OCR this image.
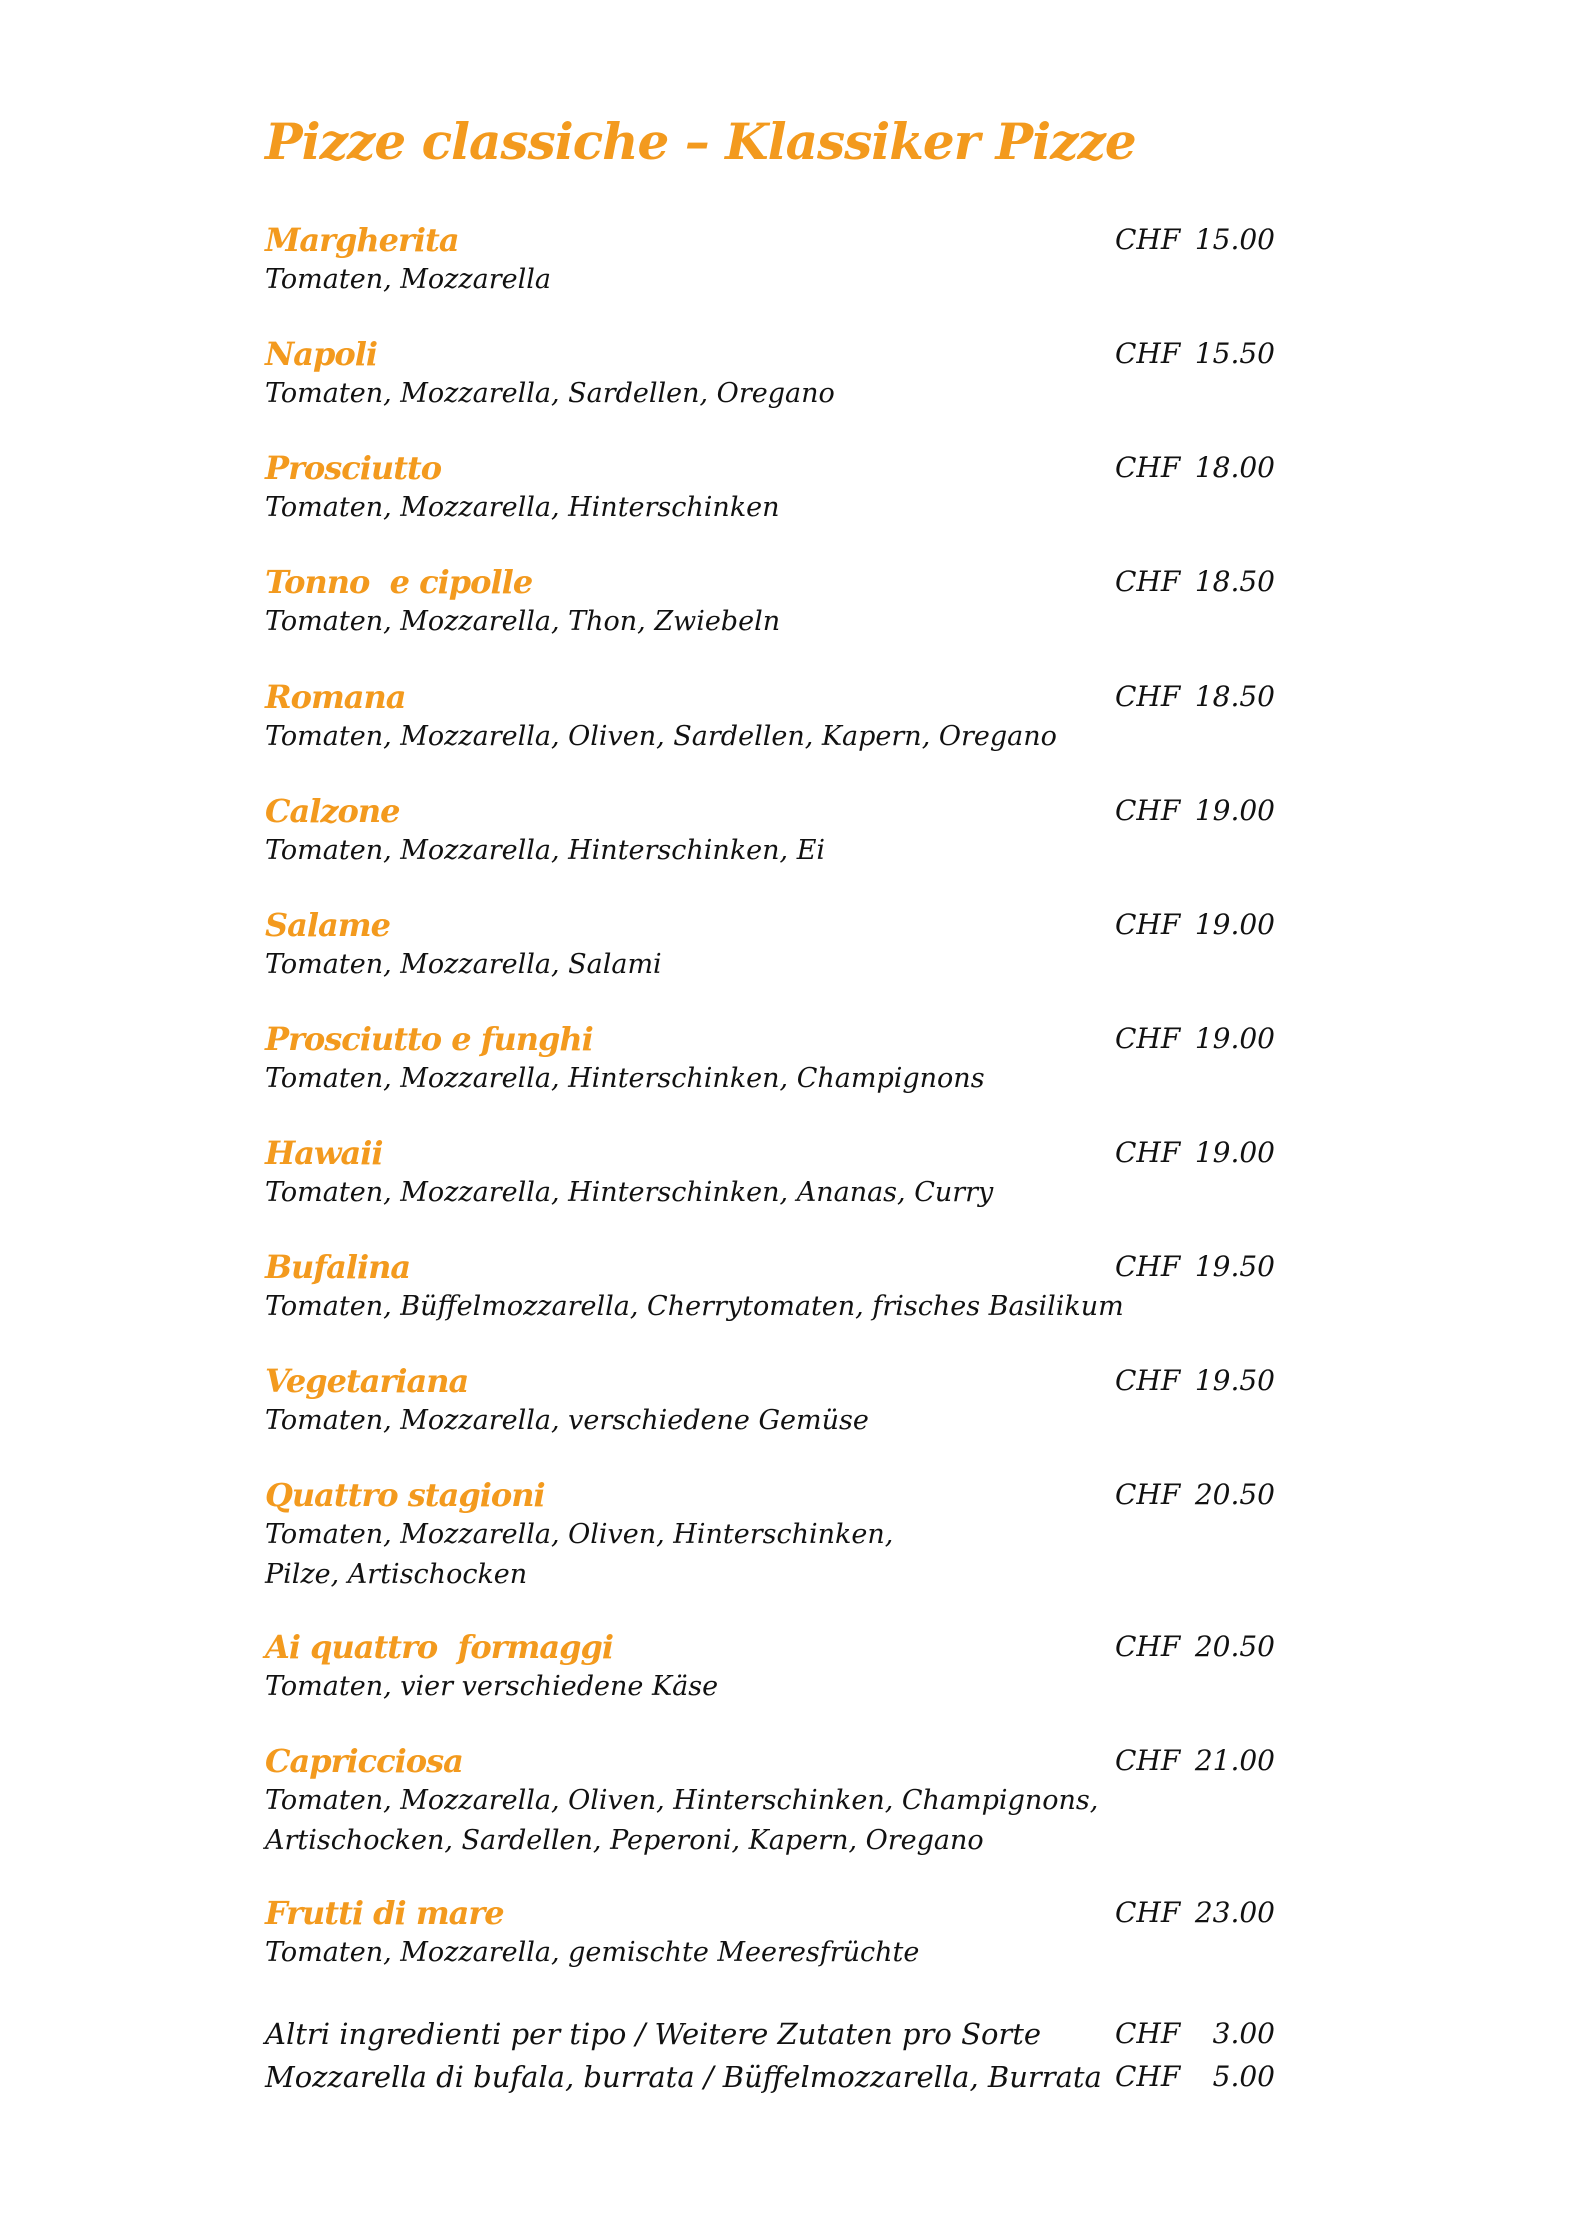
Pizze classiche – Klassiker Pizze
Margherita
Tomaten, Mozzarella
CHF 15.00
Napoli
Tomaten, Mozzarella, Sardellen, Oregano
CHF 15.50
Prosciutto
Tomaten, Mozzarella, Hinterschinken
CHF 18.00
Tonno  e cipolle
Tomaten, Mozzarella, Thon, Zwiebeln
CHF 18.50
Romana
Tomaten, Mozzarella, Oliven, Sardellen, Kapern, Oregano
CHF 18.50
Calzone
Tomaten, Mozzarella, Hinterschinken, Ei
CHF 19.00
Salame
Tomaten, Mozzarella, Salami
CHF 19.00
Prosciutto e funghi
Tomaten, Mozzarella, Hinterschinken, Champignons
CHF 19.00
Hawaii
Tomaten, Mozzarella, Hinterschinken, Ananas, Curry
CHF 19.00
Bufalina
Tomaten, Büffelmozzarella, Cherrytomaten, frisches Basilikum
CHF 19.50
Vegetariana
Tomaten, Mozzarella, verschiedene Gemüse
CHF 19.50
Quattro stagioni
Tomaten, Mozzarella, Oliven, Hinterschinken,
Pilze, Artischocken
CHF 20.50
Ai quattro  formaggi
Tomaten, vier verschiedene Käse
CHF 20.50
Capricciosa
Tomaten, Mozzarella, Oliven, Hinterschinken, Champignons,
Artischocken, Sardellen, Peperoni, Kapern, Oregano
CHF 21.00
Frutti di mare
Tomaten, Mozzarella, gemischte Meeresfrüchte
CHF 23.00
Altri ingredienti per tipo / Weitere Zutaten pro Sorte	CHF 3.00
Mozzarella di bufala, burrata / Büffelmozzarella, Burrata CHF 5.00
